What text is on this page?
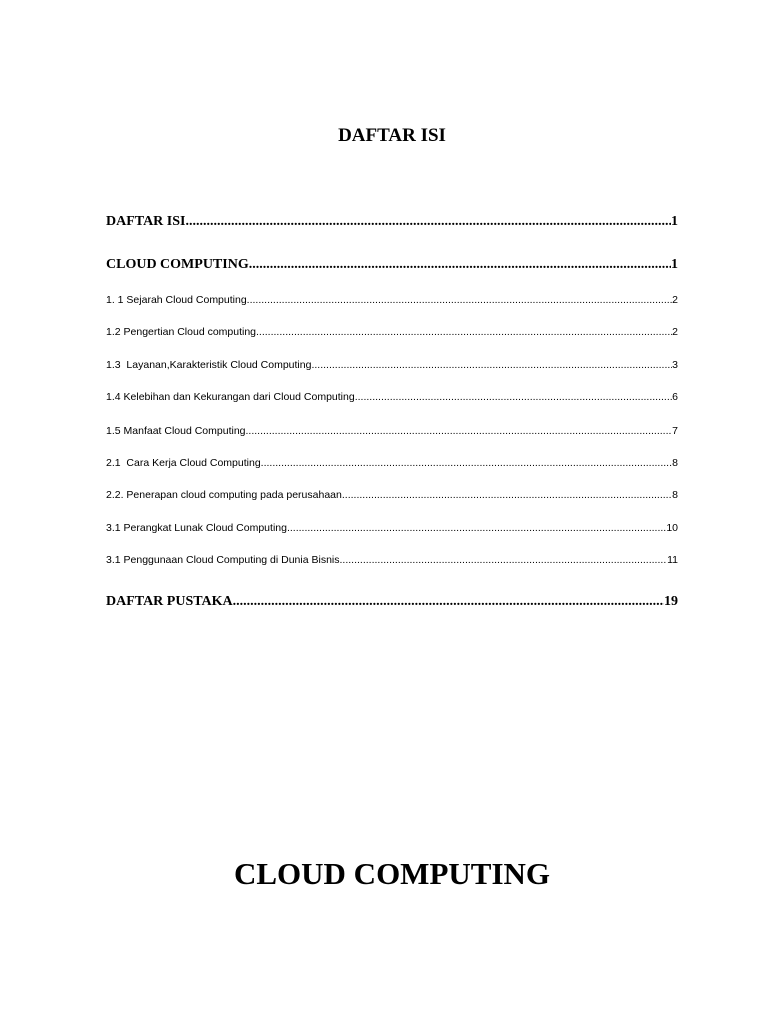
DAFTAR ISI
DAFTAR ISI .....	1
CLOUD COMPUTING .....	1
1. 1 Sejarah Cloud Computing .....	2
1.2 Pengertian Cloud computing .....	2
1.3  Layanan,Karakteristik Cloud Computing .....	3
1.4 Kelebihan dan Kekurangan dari Cloud Computing .....	6
1.5 Manfaat Cloud Computing .....	7
2.1  Cara Kerja Cloud Computing .....	8
2.2. Penerapan cloud computing pada perusahaan .....	8
3.1 Perangkat Lunak Cloud Computing .....	10
3.1 Penggunaan Cloud Computing di Dunia Bisnis .....	11
DAFTAR PUSTAKA .....	19
CLOUD COMPUTING
